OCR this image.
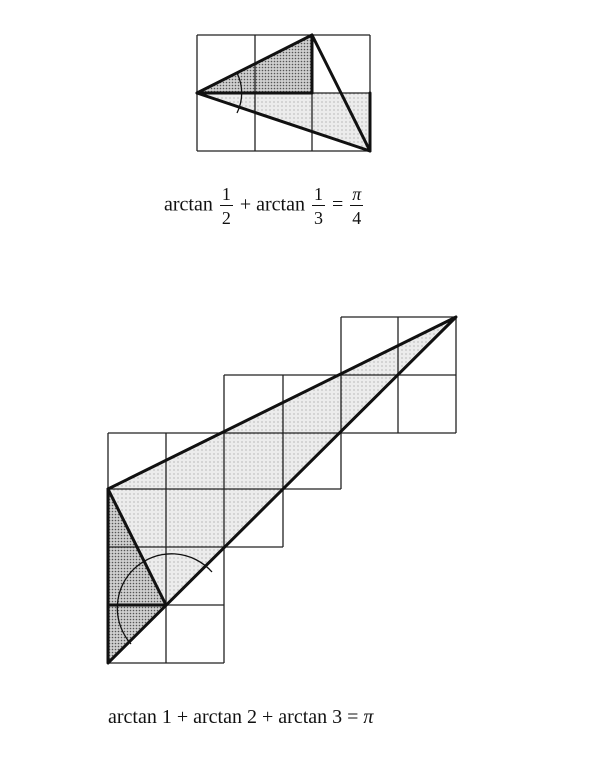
$\arctan \frac{1}{2} + \arctan \frac{1}{3} = \frac{\pi}{4}$
arctan 1 + arctan 2 + arctan 3 = π
